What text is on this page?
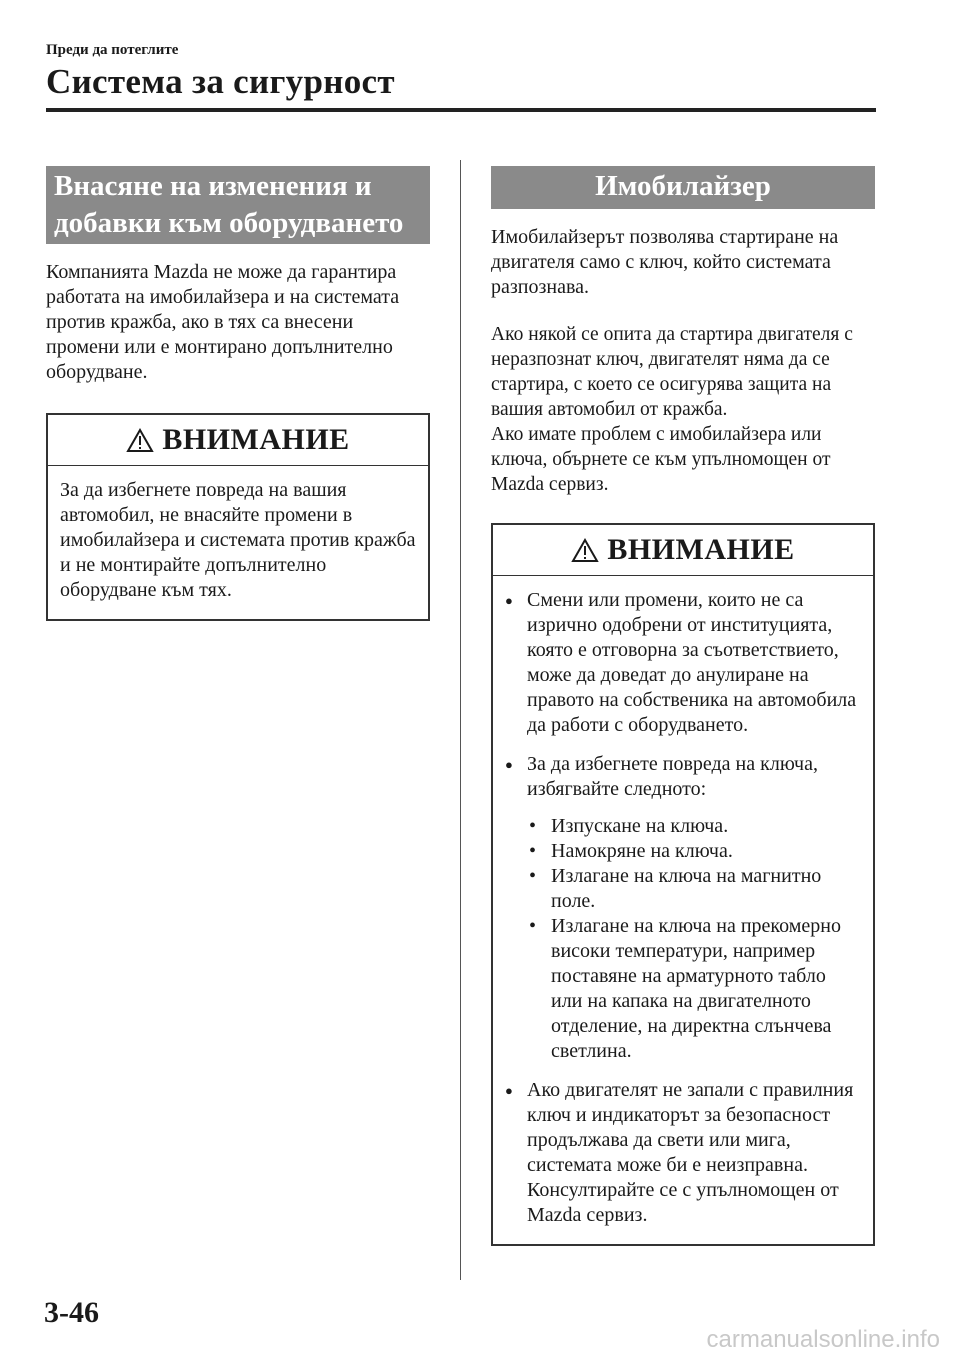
Преди да потеглите
Система за сигурност
Внасяне на изменения и
добавки към оборудването

Компанията Mazda не може да гарантира работата на имобилайзера и на системата против кражба, ако в тях са внесени промени или е монтирано допълнително оборудване.

ВНИМАНИЕ
За да избегнете повреда на вашия автомобил, не внасяйте промени в имобилайзера и системата против кражба и не монтирайте допълнително оборудване към тях.
Имобилайзер

Имобилайзерът позволява стартиране на двигателя само с ключ, който системата разпознава.

Ако някой се опита да стартира двигателя с неразпознат ключ, двигателят няма да се стартира, с което се осигурява защита на вашия автомобил от кражба.
Ако имате проблем с имобилайзера или ключа, обърнете се към упълномощен от Mazda сервиз.
ВНИМАНИЕ
● Смени или промени, които не са изрично одобрени от институцията, която е отговорна за съответствието, може да доведат до анулиране на правото на собственика на автомобила да работи с оборудването.
● За да избегнете повреда на ключа, избягвайте следното:
• Изпускане на ключа.
• Намокряне на ключа.
• Излагане на ключа на магнитно поле.
• Излагане на ключа на прекомерно високи температури, например поставяне на арматурното табло или на капака на двигателното отделение, на директна слънчева светлина.
● Ако двигателят не запали с правилния ключ и индикаторът за безопасност продължава да свети или мига, системата може би е неизправна. Консултирайте се с упълномощен от Mazda сервиз.
3-46
carmanualsonline.info
